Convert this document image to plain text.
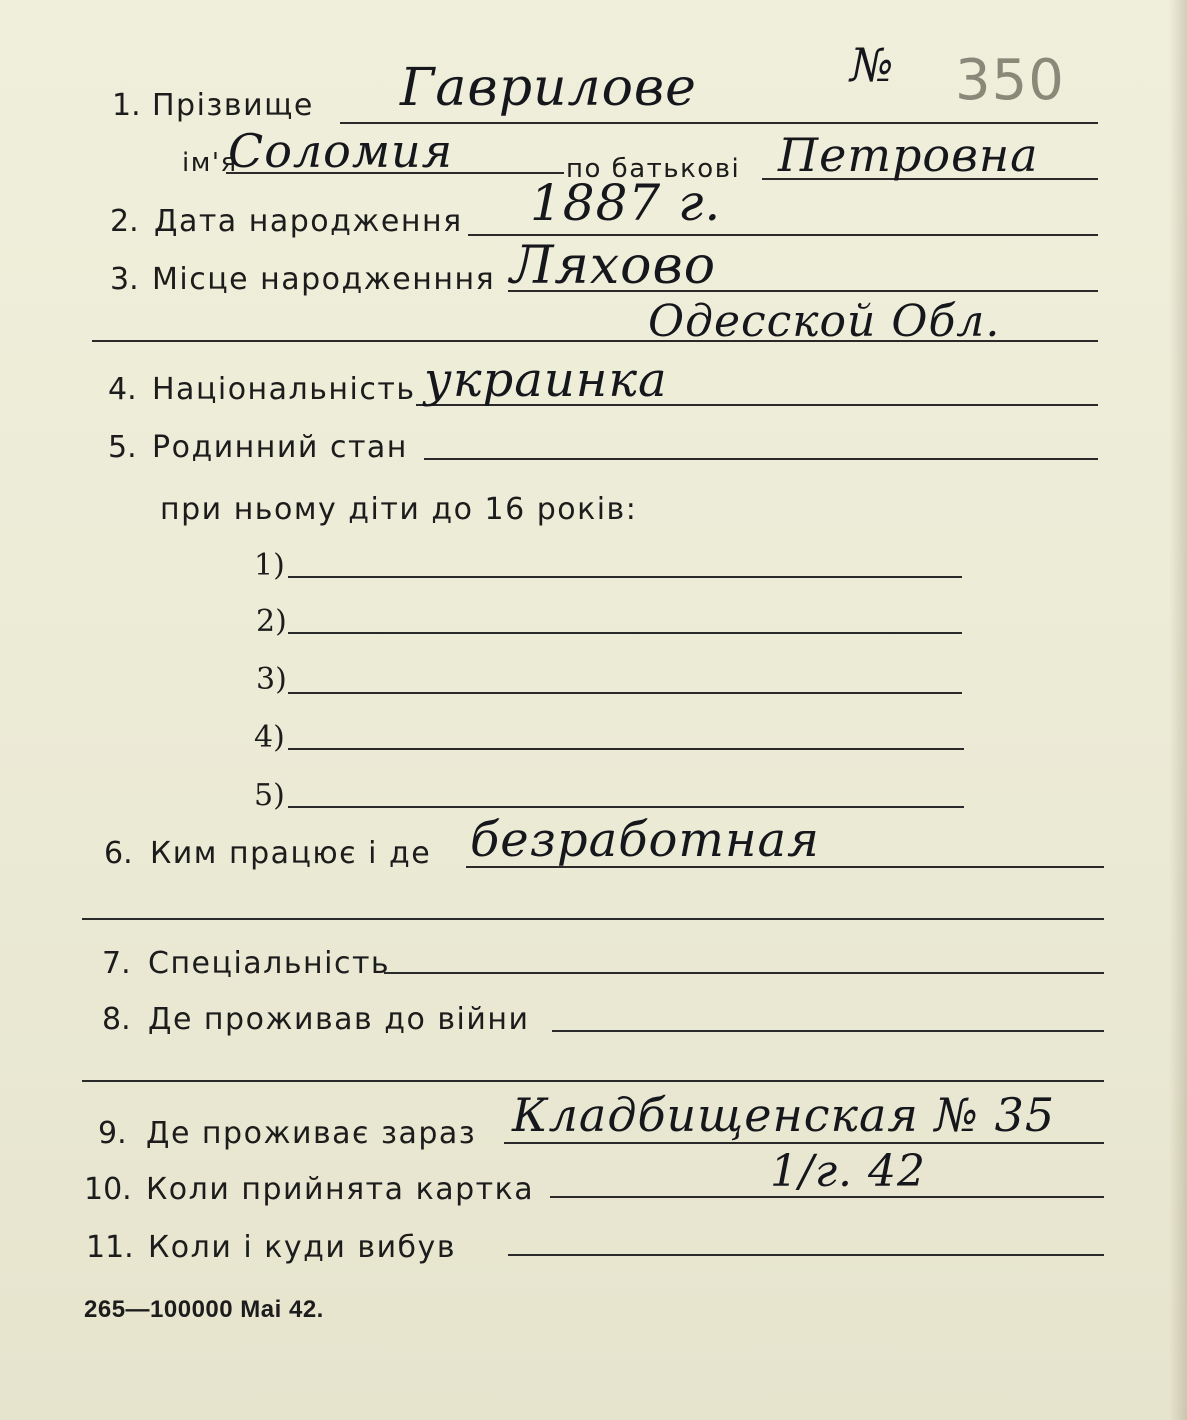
№ 350
1. Прізвище Гаврилове
ім'я
Соломия	по батькові Петровна
2. Дата народження 1887 г.
3. Місце народженння Ляхово
Одесской Обл.
4. Національність украинка
5. Родинний стан
при ньому діти до 16 років:
1)
2)
3)
4)
5)
6. Ким працює і де безработная
7. Спеціальність
8. Де проживав до війни
9. Де проживає зараз Кладбищенская № 35
10. Коли прийнята картка	1/г. 42
11. Коли і куди вибув
265—100000 Mai 42.
